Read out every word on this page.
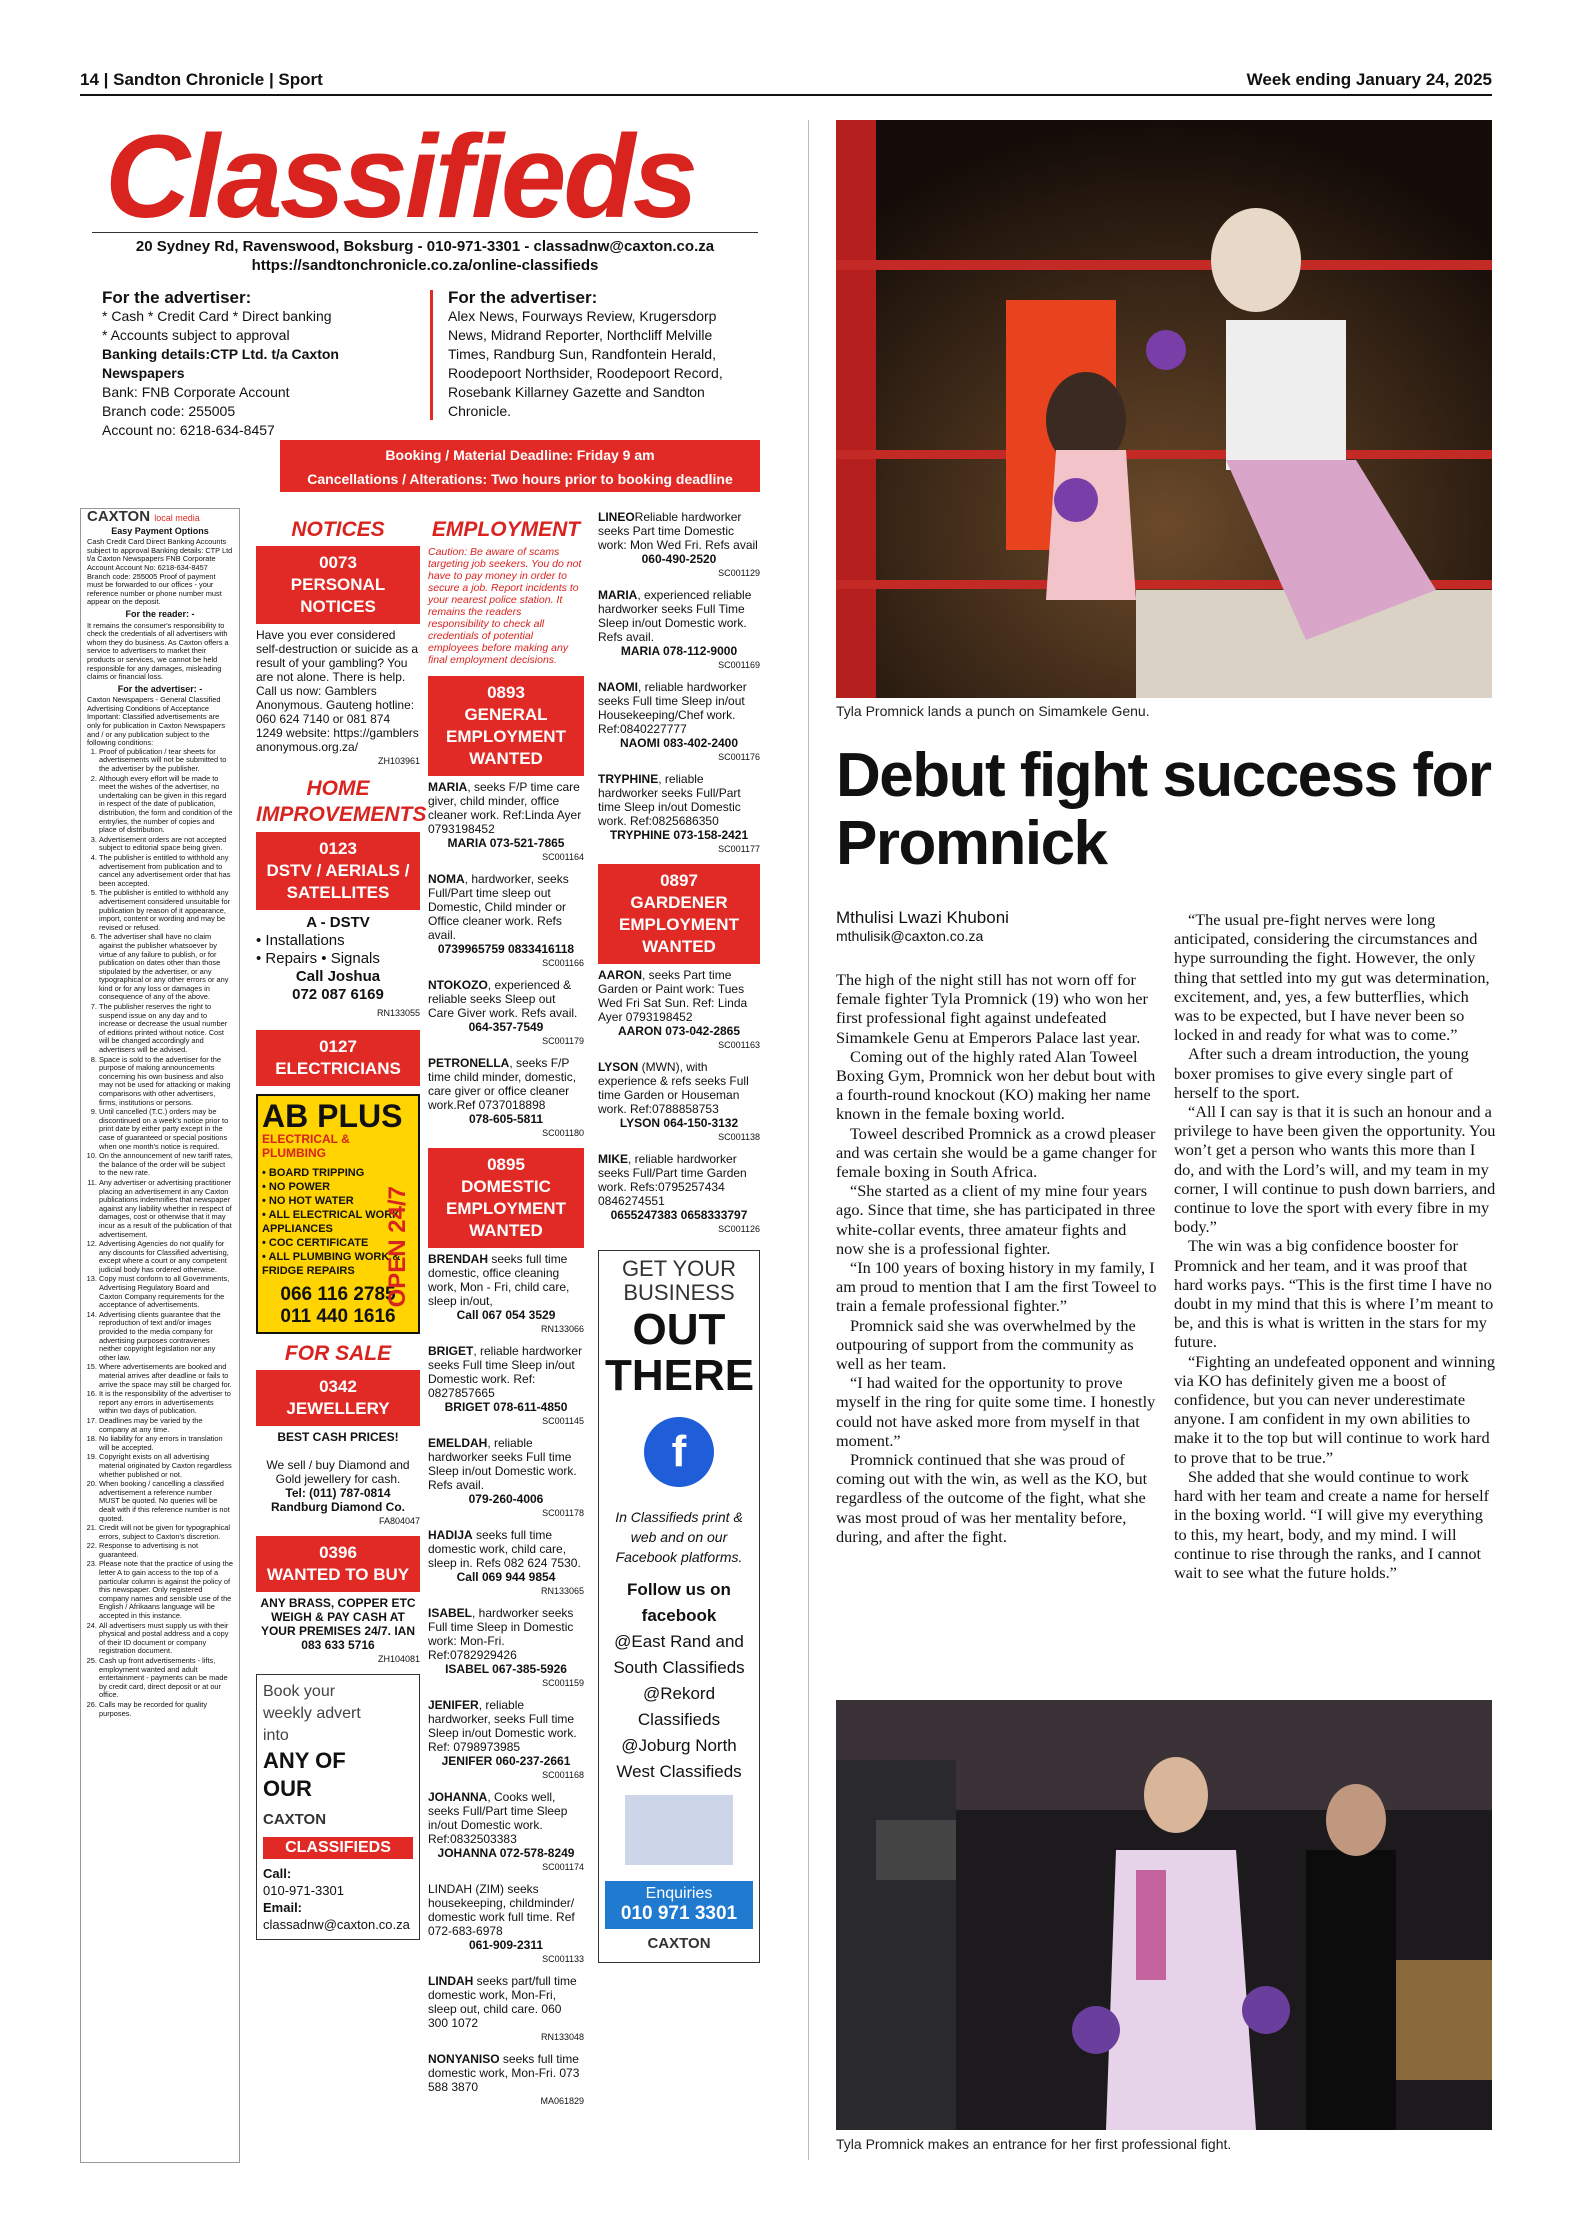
14 | Sandton Chronicle | Sport	Week ending January 24, 2025
Classifieds
20 Sydney Rd, Ravenswood, Boksburg - 010-971-3301 - classadnw@caxton.co.za
https://sandtonchronicle.co.za/online-classifieds
For the advertiser:
* Cash * Credit Card * Direct banking
* Accounts subject to approval
Banking details:CTP Ltd. t/a Caxton Newspapers
Bank: FNB Corporate Account
Branch code: 255005
Account no: 6218-634-8457
For the advertiser:
Alex News, Fourways Review, Krugersdorp News, Midrand Reporter, Northcliff Melville Times, Randburg Sun, Randfontein Herald, Roodepoort Northsider, Roodepoort Record, Rosebank Killarney Gazette and Sandton Chronicle.
Booking / Material Deadline: Friday 9 am
Cancellations / Alterations: Two hours prior to booking deadline
CAXTON local media
Easy Payment Options
Cash Credit Card Direct Banking Accounts subject to approval Banking details: CTP Ltd t/a Caxton Newspapers FNB Corporate Account Account No: 6218-634-8457 Branch code: 255005 Proof of payment must be forwarded to our offices - your reference number or phone number must appear on the deposit.
For the reader: -
It remains the consumer's responsibility to check the credentials of all advertisers with whom they do business. As Caxton offers a service to advertisers to market their products or services, we cannot be held responsible for any damages, misleading claims or financial loss.
For the advertiser: -
Caxton Newspapers - General Classified Advertising Conditions of Acceptance Important: Classified advertisements are only for publication in Caxton Newspapers and / or any publication subject to the following conditions:
1. Proof of publication / tear sheets for advertisements will not be submitted to the advertiser by the publisher.
2. Although every effort will be made to meet the wishes of the advertiser, no undertaking can be given in this regard in respect of the date of publication, distribution, the form and condition of the entry/ies, the number of copies and place of distribution.
3. Advertisement orders are not accepted subject to editorial space being given.
4. The publisher is entitled to withhold any advertisement from publication and to cancel any advertisement order that has been accepted.
5. The publisher is entitled to withhold any advertisement considered unsuitable for publication by reason of it appearance, import, content or wording and may be revised or refused.
6. The advertiser shall have no claim against the publisher whatsoever by virtue of any failure to publish, or for publication on dates other than those stipulated by the advertiser, or any typographical or any other errors or any kind or for any loss or damages in consequence of any of the above.
7. The publisher reserves the right to suspend issue on any day and to increase or decrease the usual number of editions printed without notice. Cost will be changed accordingly and advertisers will be advised.
8. Space is sold to the advertiser for the purpose of making announcements concerning his own business and also may not be used for attacking or making comparisons with other advertisers, firms, institutions or persons.
9. Until cancelled (T.C.) orders may be discontinued on a week's notice prior to print date by either party except in the case of guaranteed or special positions when one month's notice is required.
10. On the announcement of new tariff rates, the balance of the order will be subject to the new rate.
11. Any advertiser or advertising practitioner placing an advertisement in any Caxton publications indemnifies that newspaper against any liability whether in respect of damages, cost or otherwise that it may incur as a result of the publication of that advertisement.
12. Advertising Agencies do not qualify for any discounts for Classified advertising, except where a court or any competent judicial body has ordered otherwise.
13. Copy must conform to all Governments, Advertising Regulatory Board and Caxton Company requirements for the acceptance of advertisements.
14. Advertising clients guarantee that the reproduction of text and/or images provided to the media company for advertising purposes contravenes neither copyright legislation nor any other law.
15. Where advertisements are booked and material arrives after deadline or fails to arrive the space may still be charged for.
16. It is the responsibility of the advertiser to report any errors in advertisements within two days of publication.
17. Deadlines may be varied by the company at any time.
18. No liability for any errors in translation will be accepted.
19. Copyright exists on all advertising material originated by Caxton regardless whether published or not.
20. When booking / cancelling a classified advertisement a reference number MUST be quoted. No queries will be dealt with if this reference number is not quoted.
21. Credit will not be given for typographical errors, subject to Caxton's discretion.
22. Response to advertising is not guaranteed.
23. Please note that the practice of using the letter A to gain access to the top of a particular column is against the policy of this newspaper. Only registered company names and sensible use of the English / Afrikaans language will be accepted in this instance.
24. All advertisers must supply us with their physical and postal address and a copy of their ID document or company registration document.
25. Cash up front advertisements - lifts, employment wanted and adult entertainment - payments can be made by credit card, direct deposit or at our office.
26. Calls may be recorded for quality purposes.
NOTICES
0073
PERSONAL NOTICES
Have you ever considered self-destruction or suicide as a result of your gambling? You are not alone. There is help. Call us now: Gamblers Anonymous. Gauteng hotline: 060 624 7140 or 081 874 1249 website: https://gamblers anonymous.org.za/
ZH103961
HOME IMPROVEMENTS
0123
DSTV / AERIALS / SATELLITES
A - DSTV
• Installations
• Repairs • Signals
Call Joshua
072 087 6169
RN133055
0127
ELECTRICIANS
AB PLUS
ELECTRICAL & PLUMBING
• BOARD TRIPPING
• NO POWER
• NO HOT WATER
• ALL ELECTRICAL WORK
APPLIANCES
• COC CERTIFICATE
• ALL PLUMBING WORK &
FRIDGE REPAIRS	OPEN 24/7
066 116 2785
011 440 1616
FOR SALE
0342
JEWELLERY
BEST CASH PRICES!

We sell / buy Diamond and Gold jewellery for cash.
Tel: (011) 787-0814
Randburg Diamond Co.
FA804047
0396
WANTED TO BUY
ANY BRASS, COPPER ETC WEIGH & PAY CASH AT YOUR PREMISES 24/7. IAN 083 633 5716
ZH104081
Book your
weekly advert
into
ANY OF
OUR
CAXTON
CLASSIFIEDS
Call:
010-971-3301
Email:
classadnw@caxton.co.za
EMPLOYMENT
Caution: Be aware of scams targeting job seekers. You do not have to pay money in order to secure a job. Report incidents to your nearest police station. It remains the readers responsibility to check all credentials of potential employees before making any final employment decisions.
0893
GENERAL EMPLOYMENT WANTED
MARIA, seeks F/P time care giver, child minder, office cleaner work. Ref:Linda Ayer 0793198452
MARIA 073-521-7865
SC001164
NOMA, hardworker, seeks Full/Part time sleep out Domestic, Child minder or Office cleaner work. Refs avail.
0739965759 0833416118
SC001166
NTOKOZO, experienced & reliable seeks Sleep out Care Giver work. Refs avail.
064-357-7549
SC001179
PETRONELLA, seeks F/P time child minder, domestic, care giver or office cleaner work.Ref 0737018898
078-605-5811
SC001180
0895
DOMESTIC EMPLOYMENT WANTED
BRENDAH seeks full time domestic, office cleaning work, Mon - Fri, child care, sleep in/out,
Call 067 054 3529
RN133066
BRIGET, reliable hardworker seeks Full time Sleep in/out Domestic work. Ref: 0827857665
BRIGET 078-611-4850
SC001145
EMELDAH, reliable hardworker seeks Full time Sleep in/out Domestic work. Refs avail.
079-260-4006
SC001178
HADIJA seeks full time domestic work, child care, sleep in. Refs 082 624 7530.
Call 069 944 9854
RN133065
ISABEL, hardworker seeks Full time Sleep in Domestic work: Mon-Fri. Ref:0782929426
ISABEL 067-385-5926
SC001159
JENIFER, reliable hardworker, seeks Full time Sleep in/out Domestic work. Ref: 0798973985
JENIFER 060-237-2661
SC001168
JOHANNA, Cooks well, seeks Full/Part time Sleep in/out Domestic work. Ref:0832503383
JOHANNA 072-578-8249
SC001174
LINDAH (ZIM) seeks housekeeping, childminder/ domestic work full time. Ref 072-683-6978
061-909-2311
SC001133
LINDAH seeks part/full time domestic work, Mon-Fri, sleep out, child care. 060 300 1072
RN133048
NONYANISO seeks full time domestic work, Mon-Fri. 073 588 3870
MA061829
LINEOReliable hardworker seeks Part time Domestic work: Mon Wed Fri. Refs avail
060-490-2520
SC001129
MARIA, experienced reliable hardworker seeks Full Time Sleep in/out Domestic work. Refs avail.
MARIA 078-112-9000
SC001169
NAOMI, reliable hardworker seeks Full time Sleep in/out Housekeeping/Chef work. Ref:0840227777
NAOMI 083-402-2400
SC001176
TRYPHINE, reliable hardworker seeks Full/Part time Sleep in/out Domestic work. Ref:0825686350
TRYPHINE 073-158-2421
SC001177
0897
GARDENER EMPLOYMENT WANTED
AARON, seeks Part time Garden or Paint work: Tues Wed Fri Sat Sun. Ref: Linda Ayer 0793198452
AARON 073-042-2865
SC001163
LYSON (MWN), with experience & refs seeks Full time Garden or Houseman work. Ref:0788858753
LYSON 064-150-3132
SC001138
MIKE, reliable hardworker seeks Full/Part time Garden work. Refs:0795257434 0846274551
0655247383 0658333797
SC001126
GET YOUR
BUSINESS
OUT
THERE
f
In Classifieds print & web and on our Facebook platforms.
Follow us on facebook
@East Rand and South Classifieds
@Rekord Classifieds
@Joburg North West Classifieds
Enquiries
010 971 3301
CAXTON
Tyla Promnick lands a punch on Simamkele Genu.
Debut fight success for Promnick
Mthulisi Lwazi Khuboni
mthulisik@caxton.co.za

The high of the night still has not worn off for female fighter Tyla Promnick (19) who won her first professional fight against undefeated Simamkele Genu at Emperors Palace last year.

Coming out of the highly rated Alan Toweel Boxing Gym, Promnick won her debut bout with a fourth-round knockout (KO) making her name known in the female boxing world.

Toweel described Promnick as a crowd pleaser and was certain she would be a game changer for female boxing in South Africa.

“She started as a client of my mine four years ago. Since that time, she has participated in three white-collar events, three amateur fights and now she is a professional fighter.

“In 100 years of boxing history in my family, I am proud to mention that I am the first Toweel to train a female professional fighter.”

Promnick said she was overwhelmed by the outpouring of support from the community as well as her team.

“I had waited for the opportunity to prove myself in the ring for quite some time. I honestly could not have asked more from myself in that moment.”

Promnick continued that she was proud of coming out with the win, as well as the KO, but regardless of the outcome of the fight, what she was most proud of was her mentality before, during, and after the fight.

“The usual pre-fight nerves were long anticipated, considering the circumstances and hype surrounding the fight. However, the only thing that settled into my gut was determination, excitement, and, yes, a few butterflies, which was to be expected, but I have never been so locked in and ready for what was to come.”

After such a dream introduction, the young boxer promises to give every single part of herself to the sport.

“All I can say is that it is such an honour and a privilege to have been given the opportunity. You won’t get a person who wants this more than I do, and with the Lord’s will, and my team in my corner, I will continue to push down barriers, and continue to love the sport with every fibre in my body.”

The win was a big confidence booster for Promnick and her team, and it was proof that hard works pays. “This is the first time I have no doubt in my mind that this is where I’m meant to be, and this is what is written in the stars for my future.

“Fighting an undefeated opponent and winning via KO has definitely given me a boost of confidence, but you can never underestimate anyone. I am confident in my own abilities to make it to the top but will continue to work hard to prove that to be true.”

She added that she would continue to work hard with her team and create a name for herself in the boxing world. “I will give my everything to this, my heart, body, and my mind. I will continue to rise through the ranks, and I cannot wait to see what the future holds.”

Tyla Promnick makes an entrance for her first professional fight.
